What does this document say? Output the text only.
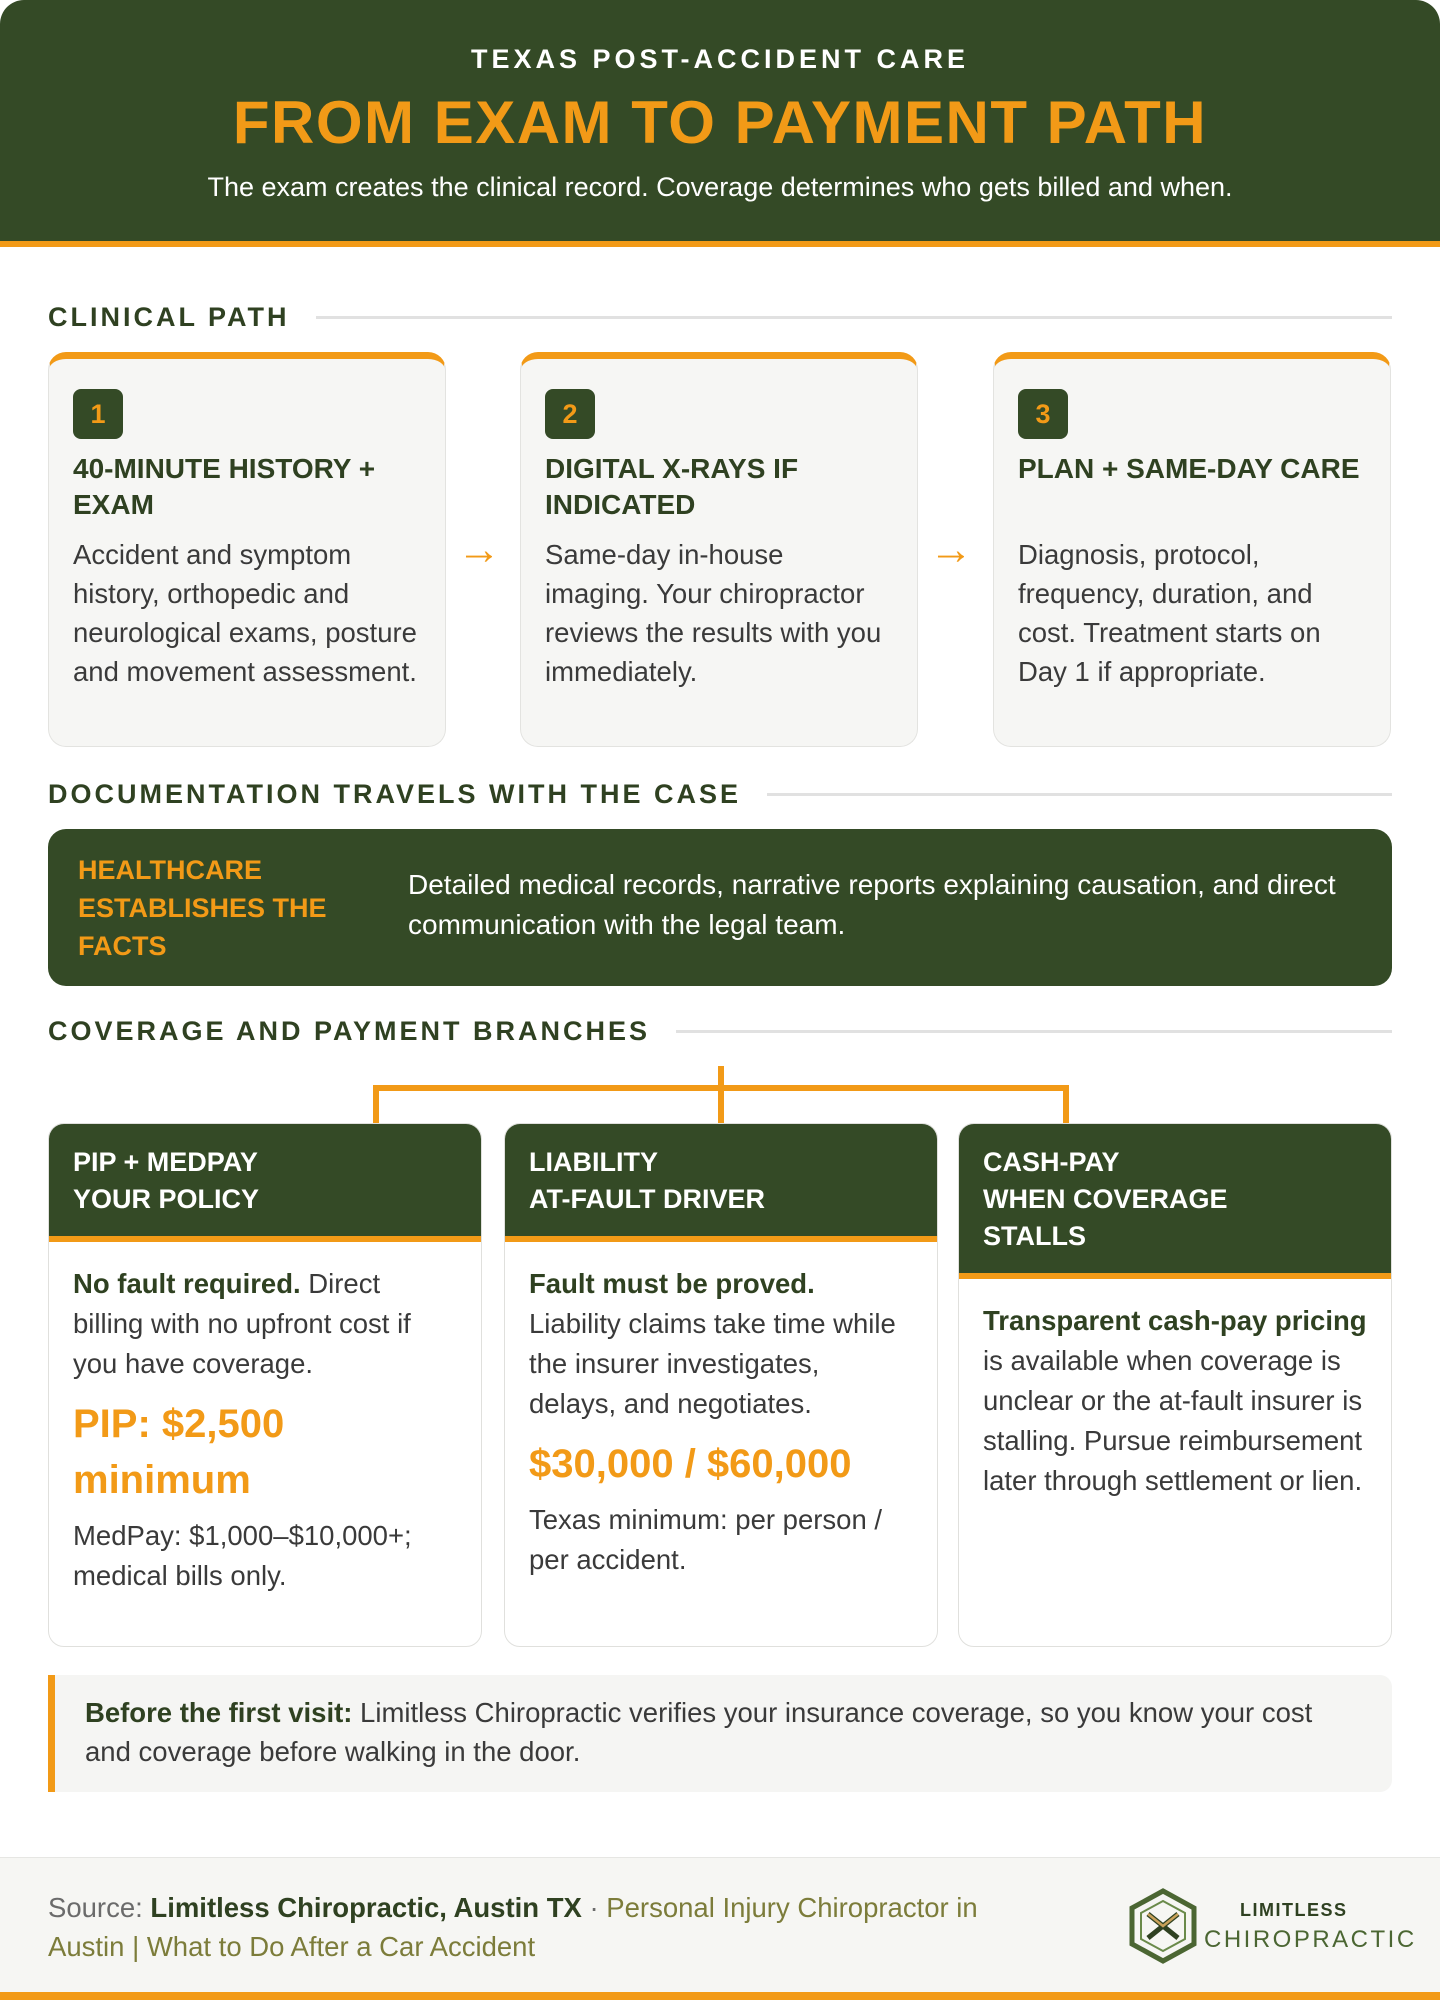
TEXAS POST-ACCIDENT CARE
FROM EXAM TO PAYMENT PATH
The exam creates the clinical record. Coverage determines who gets billed and when.
CLINICAL PATH
1
40-MINUTE HISTORY + EXAM
Accident and symptom history, orthopedic and neurological exams, posture and movement assessment.
→
2
DIGITAL X-RAYS IF INDICATED
Same-day in-house imaging. Your chiropractor reviews the results with you immediately.
→
3
PLAN + SAME-DAY CARE
Diagnosis, protocol, frequency, duration, and cost. Treatment starts on Day 1 if appropriate.
DOCUMENTATION TRAVELS WITH THE CASE
HEALTHCARE ESTABLISHES THE FACTS
Detailed medical records, narrative reports explaining causation, and direct communication with the legal team.
COVERAGE AND PAYMENT BRANCHES
PIP + MEDPAY
YOUR POLICY
No fault required. Direct billing with no upfront cost if you have coverage.
PIP: $2,500 minimum
MedPay: $1,000–$10,000+; medical bills only.
LIABILITY
AT-FAULT DRIVER
Fault must be proved. Liability claims take time while the insurer investigates, delays, and negotiates.
$30,000 / $60,000
Texas minimum: per person / per accident.
CASH-PAY
WHEN COVERAGE
STALLS
Transparent cash-pay pricing is available when coverage is unclear or the at-fault insurer is stalling. Pursue reimbursement later through settlement or lien.
Before the first visit: Limitless Chiropractic verifies your insurance coverage, so you know your cost and coverage before walking in the door.
Source: Limitless Chiropractic, Austin TX · Personal Injury Chiropractor in Austin | What to Do After a Car Accident
LIMITLESS
CHIROPRACTIC
